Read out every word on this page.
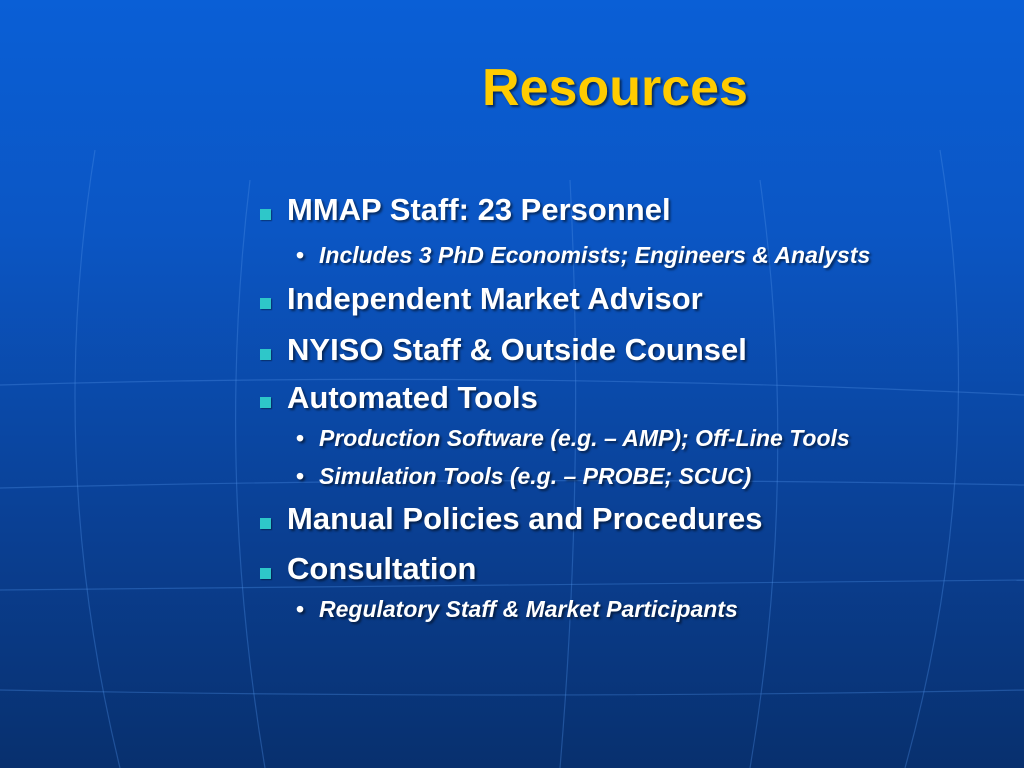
Resources
MMAP Staff: 23 Personnel
• Includes 3 PhD Economists; Engineers & Analysts
Independent Market Advisor
NYISO Staff & Outside Counsel
Automated Tools
• Production Software (e.g. – AMP); Off-Line Tools
• Simulation Tools (e.g. – PROBE; SCUC)
Manual Policies and Procedures
Consultation
• Regulatory Staff & Market Participants
